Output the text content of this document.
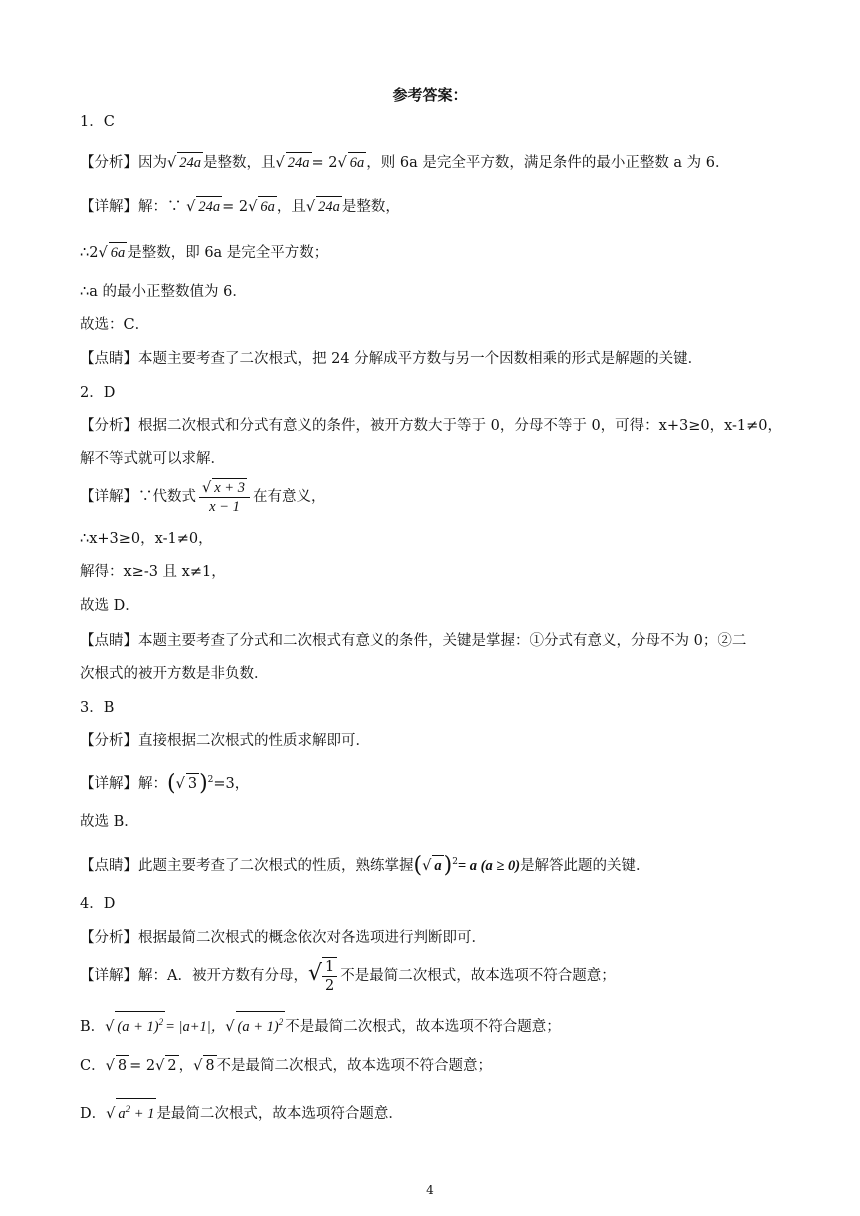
参考答案：
1．C
【分析】因为√ 24a 是整数，且√ 24a = 2√ 6a ，则 6a 是完全平方数，满足条件的最小正整数 a 为 6．
【详解】解：∵ √ 24a = 2√ 6a ，且√ 24a 是整数，
∴2√ 6a 是整数，即 6a 是完全平方数；
∴a 的最小正整数值为 6．
故选：C．
【点睛】本题主要考查了二次根式，把 24 分解成平方数与另一个因数相乘的形式是解题的关键．
2．D
【分析】根据二次根式和分式有意义的条件，被开方数大于等于 0，分母不等于 0，可得：x+3≥0，x-1≠0，
解不等式就可以求解．
【详解】∵代数式 $\frac{√ x + 3}{x - 1}$ 在有意义，
∴x+3≥0，x-1≠0，
解得：x≥-3 且 x≠1，
故选 D．
【点睛】本题主要考查了分式和二次根式有意义的条件，关键是掌握：①分式有意义，分母不为 0；②二
次根式的被开方数是非负数．
3．B
【分析】直接根据二次根式的性质求解即可．
【详解】解：(√ 3)$^2$=3，
故选 B．
【点睛】此题主要考查了二次根式的性质，熟练掌握(√ a)$^2$= a (a ≥ 0)是解答此题的关键．
4．D
【分析】根据最简二次根式的概念依次对各选项进行判断即可．
【详解】解：A．被开方数有分母，√ $\frac{1}{2}$ 不是最简二次根式，故本选项不符合题意；
B．√ $(a + 1)^2 = |a+1|$，√ $(a + 1)^2$ 不是最简二次根式，故本选项不符合题意；
C．√ 8 = 2√ 2 ，√ 8 不是最简二次根式，故本选项不符合题意；
D．√ $a^2 + 1$ 是最简二次根式，故本选项符合题意．
4
